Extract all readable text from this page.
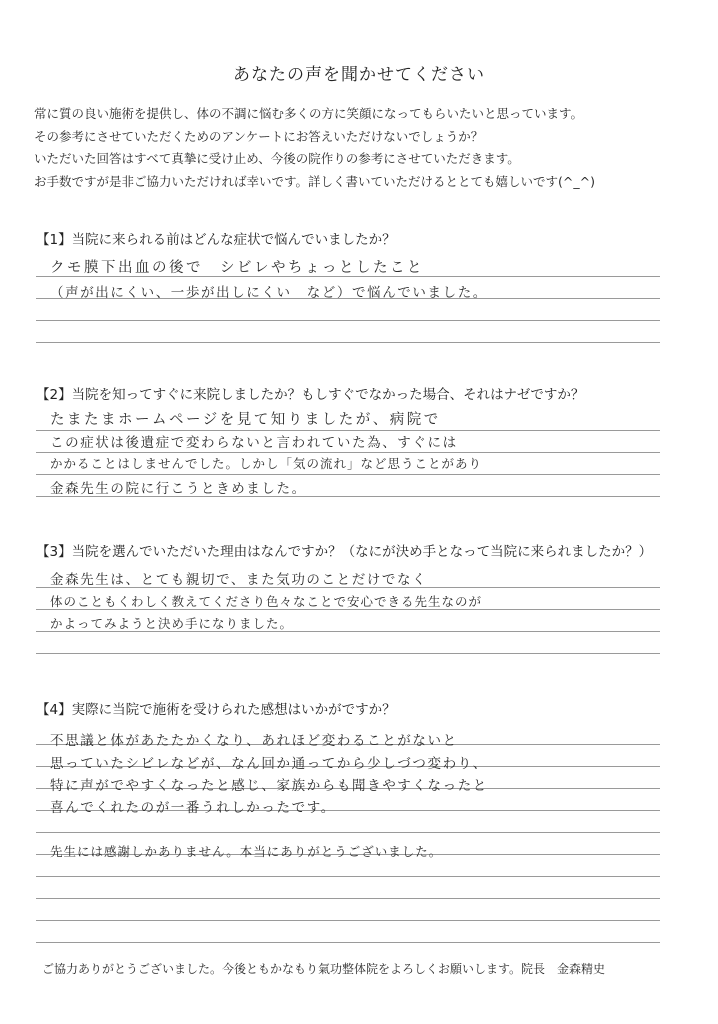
あなたの声を聞かせてください
常に質の良い施術を提供し、体の不調に悩む多くの方に笑顔になってもらいたいと思っています。
その参考にさせていただくためのアンケートにお答えいただけないでしょうか？
いただいた回答はすべて真摯に受け止め、今後の院作りの参考にさせていただきます。
お手数ですが是非ご協力いただければ幸いです。詳しく書いていただけるととても嬉しいです(^_^)
【1】当院に来られる前はどんな症状で悩んでいましたか？
クモ膜下出血の後で　シビレやちょっとしたこと
（声が出にくい、一歩が出しにくい　など）で悩んでいました。
【2】当院を知ってすぐに来院しましたか？もしすぐでなかった場合、それはナゼですか？
たまたまホームページを見て知りましたが、病院で
この症状は後遺症で変わらないと言われていた為、すぐには
かかることはしませんでした。しかし「気の流れ」など思うことがあり
金森先生の院に行こうときめました。
【3】当院を選んでいただいた理由はなんですか？（なにが決め手となって当院に来られましたか？）
金森先生は、とても親切で、また気功のことだけでなく
体のこともくわしく教えてくださり色々なことで安心できる先生なのが
かよってみようと決め手になりました。
【4】実際に当院で施術を受けられた感想はいかがですか？
不思議と体があたたかくなり、あれほど変わることがないと
思っていたシビレなどが、なん回か通ってから少しづつ変わり、
特に声がでやすくなったと感じ、家族からも聞きやすくなったと
喜んでくれたのが一番うれしかったです。
先生には感謝しかありません。本当にありがとうございました。
ご協力ありがとうございました。今後ともかなもり氣功整体院をよろしくお願いします。院長　金森精史
